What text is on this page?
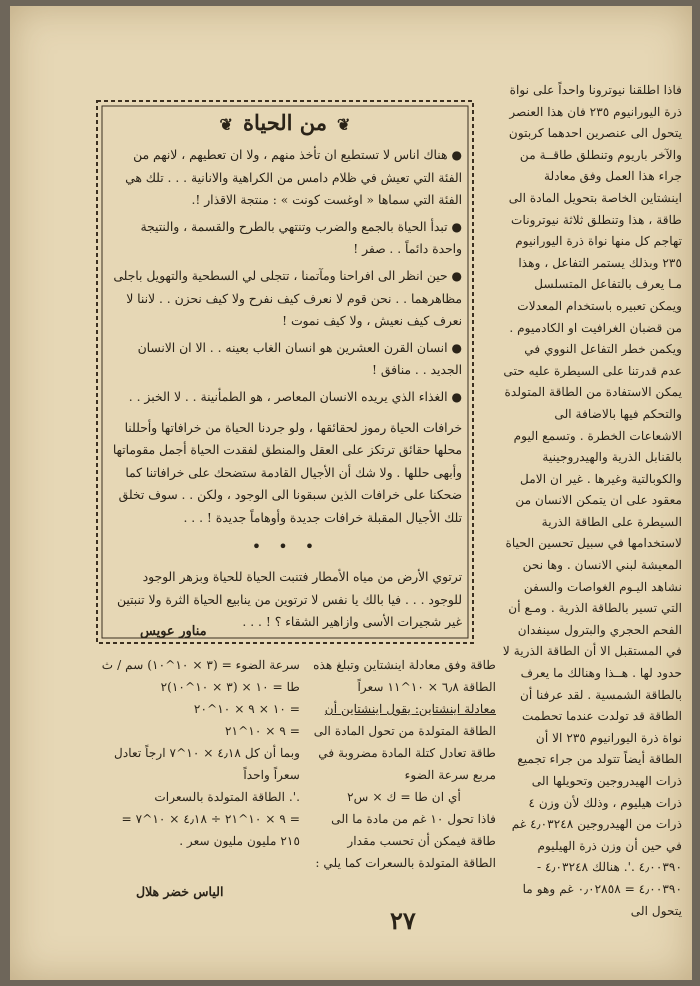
فاذا اطلقنا نيوترونا واحداً على نواة ذرة اليورانيوم ٢٣٥ فان هذا العنصر يتحول الى عنصرين احدهما كربتون والآخر باريوم وتنطلق طاقــة من جراء هذا العمل وفق معادلة اينشتاين الخاصة بتحويل المادة الى طاقة ، هذا وتنطلق ثلاثة نيوترونات تهاجم كل منها نواة ذرة اليورانيوم ٢٣٥ وبذلك يستمر التفاعل ، وهذا مـا يعرف بالتفاعل المتسلسل ويمكن تعبيره باستخدام المعدلات من قضبان الغرافيت او الكادميوم . ويكمن خطر التفاعل النووي في عدم قدرتنا على السيطرة عليه حتى يمكن الاستفادة من الطاقة المتولدة والتحكم فيها بالاضافة الى الاشعاعات الخطرة . وتسمع اليوم بالقنابل الذرية والهيدروجينية والكوبالتية وغيرها . غير ان الامل معقود على ان يتمكن الانسان من السيطرة على الطاقة الذرية لاستخدامها في سبيل تحسين الحياة المعيشة لبني الانسان . وها نحن نشاهد اليـوم الغواصات والسفن التي تسير بالطاقة الذرية . ومـع أن الفحم الحجري والبترول سينفدان في المستقبل الا أن الطاقة الذرية لا حدود لها . هــذا وهنالك ما يعرف بالطاقة الشمسية . لقد عرفنا أن الطاقة قد تولدت عندما تحطمت نواة ذرة اليورانيوم ٢٣٥ الا أن الطاقة أيضاً تتولد من جراء تجميع ذرات الهيدروجين وتحويلها الى ذرات هيليوم ، وذلك لأن وزن ٤ ذرات من الهيدروجين ٤٫٠٣٢٤٨ غم في حين أن وزن ذرة الهيليوم ٤٫٠٠٣٩٠ .'. هنالك ٤٫٠٣٢٤٨ - ٤٫٠٠٣٩٠ = ٠٫٠٢٨٥٨ غم وهو ما يتحول الى

❦من الحياة❦

●هناك اناس لا تستطيع ان تأخذ منهم ، ولا ان تعطيهم ، لانهم من الفئة التي تعيش في ظلام دامس من الكراهية والانانية . . . تلك هي الفئة التي سماها « اوغست كونت » : منتجة الاقذار !.

●تبدأ الحياة بالجمع والضرب وتنتهي بالطرح والقسمة ، والنتيجة واحدة دائماً . . صفر !

●حين انظر الى افراحنا ومآتمنا ، تتجلى لي السطحية والتهويل باجلى مظاهرهما . . نحن قوم لا نعرف كيف نفرح ولا كيف نحزن . . لاننا لا نعرف كيف نعيش ، ولا كيف نموت !

●انسان القرن العشرين هو انسان الغاب بعينه . . الا ان الانسان الجديد . . منافق !

●الغذاء الذي يريده الانسان المعاصر ، هو الطمأنينة . . لا الخبز . .

خرافات الحياة رموز لحقائقها ، ولو جردنا الحياة من خرافاتها وأحللنا محلها حقائق ترتكز على العقل والمنطق لفقدت الحياة أجمل مقوماتها وأبهى حللها . ولا شك أن الأجيال القادمة ستضحك على خرافاتنا كما ضحكنا على خرافات الذين سبقونا الى الوجود ، ولكن . . سوف تخلق تلك الأجيال المقبلة خرافات جديدة وأوهاماً جديدة ! . . .

• • •

ترتوي الأرض من مياه الأمطار فتنبت الحياة للحياة وبزهر الوجود للوجود . . . فيا بالك يا نفس لا ترتوين من ينابيع الحياة الثرة ولا تنبتين غير شجيرات الأسى وازاهير الشقاء ؟ ! . . .

مناور عويس

طاقة وفق معادلة اينشتاين وتبلغ هذه الطاقة ٦٫٨ × ١٠^١١ سعراً

معادلة اينشتاين: يقول اينشتاين أن

الطاقة المتولدة من تحول المادة الى طاقة تعادل كتلة المادة مضروبة في مربع سرعة الضوء

أي ان طا = ك × س٢

فاذا تحول ١٠ غم من مادة ما الى طاقة فيمكن أن تحسب مقدار الطاقة المتولدة بالسعرات كما يلي :

سرعة الضوء = (٣ × ١٠^١٠) سم / ث

طا = ١٠ × (٣ × ١٠^١٠)٢

= ١٠ × ٩ × ١٠^٢٠

= ٩ × ١٠^٢١

وبما أن كل ٤٫١٨ × ١٠^٧ ارجاً تعادل سعراً واحداً

.'. الطاقة المتولدة بالسعرات

= ٩ × ١٠^٢١ ÷ ٤٫١٨ × ١٠^٧ = ٢١٥ مليون مليون سعر .

الياس خضر هلال
٢٧
